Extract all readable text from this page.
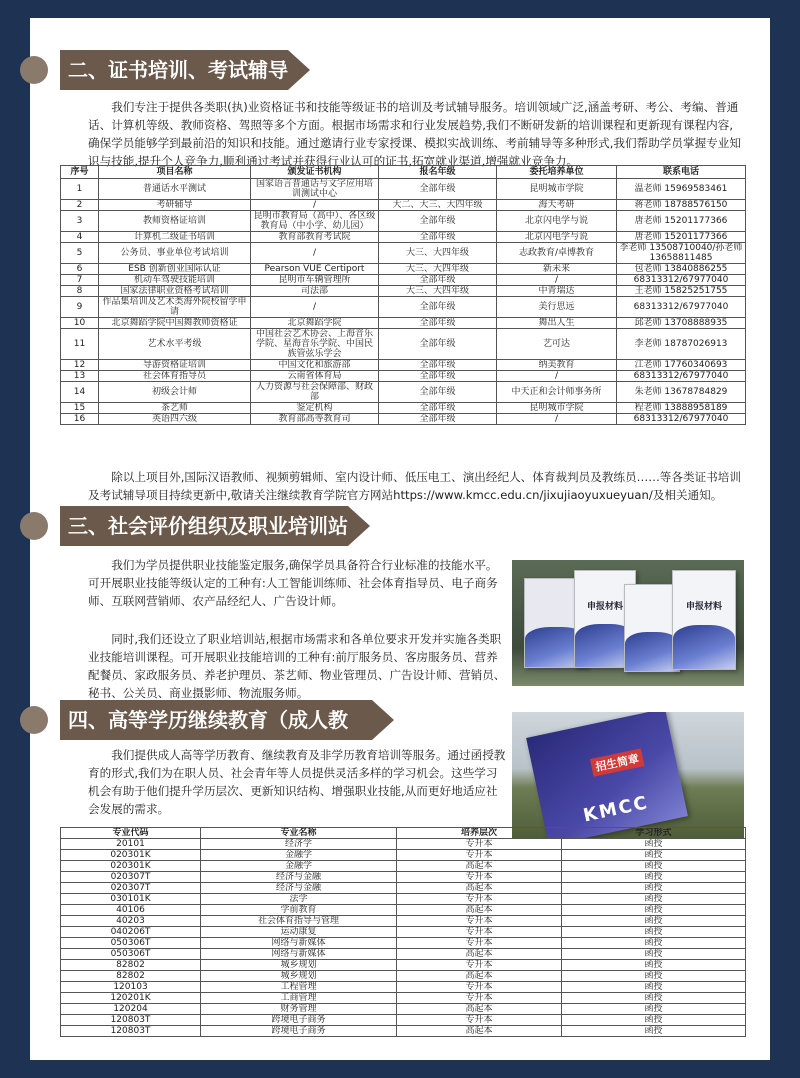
二、证书培训、考试辅导
我们专注于提供各类职(执)业资格证书和技能等级证书的培训及考试辅导服务。培训领域广泛,涵盖考研、考公、考编、普通话、计算机等级、教师资格、驾照等多个方面。根据市场需求和行业发展趋势,我们不断研发新的培训课程和更新现有课程内容,确保学员能够学到最前沿的知识和技能。通过邀请行业专家授课、模拟实战训练、考前辅导等多种形式,我们帮助学员掌握专业知识与技能,提升个人竞争力,顺利通过考试并获得行业认可的证书,拓宽就业渠道,增强就业竞争力。
序号	项目名称	颁发证书机构	报名年级	委托培养单位	联系电话
1	普通话水平测试	国家语言普通话与文字应用培训测试中心	全部年级	昆明城市学院	温老师 15969583461
2	考研辅导	/	大二、大三、大四年级	海天考研	蒋老师 18788576150
3	教师资格证培训	昆明市教育局（高中）、各区级教育局（中小学、幼儿园）	全部年级	北京闪电学与说	唐老师 15201177366
4	计算机二级证书培训	教育部教育考试院	全部年级	北京闪电学与说	唐老师 15201177366
5	公务员、事业单位考试培训	/	大三、大四年级	志政教育/卓博教育	李老师 13508710040/孙老师 13658811485
6	ESB 创新创业国际认证	Pearson VUE Certiport	大三、大四年级	新未来	包老师 13840886255
7	机动车驾驶技能培训	昆明市车辆管理所	全部年级	/	68313312/67977040
8	国家法律职业资格考试培训	司法部	大三、大四年级	中青瑞达	王老师 15825251755
9	作品集培训及艺术类海外院校留学申请	/	全部年级	美行思远	68313312/67977040
10	北京舞蹈学院中国舞教师资格证	北京舞蹈学院	全部年级	舞出人生	邱老师 13708888935
11	艺术水平考级	中国社会艺术协会、上海音乐学院、星海音乐学院、中国民族管弦乐学会	全部年级	艺可达	李老师 18787026913
12	导游资格证培训	中国文化和旅游部	全部年级	纳美教育	江老师 17760340693
13	社会体育指导员	云南省体育局	全部年级	/	68313312/67977040
14	初级会计师	人力资源与社会保障部、财政部	全部年级	中天正和会计师事务所	朱老师 13678784829
15	茶艺师	鉴定机构	全部年级	昆明城市学院	程老师 13888958189
16	英语四六级	教育部高等教育司	全部年级	/	68313312/67977040
除以上项目外,国际汉语教师、视频剪辑师、室内设计师、低压电工、演出经纪人、体育裁判员及教练员……等各类证书培训及考试辅导项目持续更新中,敬请关注继续教育学院官方网站https://www.kmcc.edu.cn/jixujiaoyuxueyuan/及相关通知。
三、社会评价组织及职业培训站
我们为学员提供职业技能鉴定服务,确保学员具备符合行业标准的技能水平。可开展职业技能等级认定的工种有:人工智能训练师、社会体育指导员、电子商务师、互联网营销师、农产品经纪人、广告设计师。
同时,我们还设立了职业培训站,根据市场需求和各单位要求开发并实施各类职业技能培训课程。可开展职业技能培训的工种有:前厅服务员、客房服务员、营养配餐员、家政服务员、养老护理员、茶艺师、物业管理员、广告设计师、营销员、秘书、公关员、商业摄影师、物流服务师。
申报材料	申报材料
四、高等学历继续教育（成人教育） 我们提供成人高等学历教育、继续教育及非学历教育培训等服务。通过函授教育的形式,我们为在职人员、社会青年等人员提供灵活多样的学习机会。这些学习机会有助于他们提升学历层次、更新知识结构、增强职业技能,从而更好地适应社会发展的需求。
招生简章
KMCC
专业代码	专业名称	培养层次	学习形式
20101	经济学	专升本	函授
020301K	金融学	专升本	函授
020301K	金融学	高起本	函授
020307T	经济与金融	专升本	函授
020307T	经济与金融	高起本	函授
030101K	法学	专升本	函授
40106	学前教育	高起本	函授
40203	社会体育指导与管理	专升本	函授
040206T	运动康复	专升本	函授
050306T	网络与新媒体	专升本	函授
050306T	网络与新媒体	高起本	函授
82802	城乡规划	专升本	函授
82802	城乡规划	高起本	函授
120103	工程管理	专升本	函授
120201K	工商管理	专升本	函授
120204	财务管理	高起本	函授
120803T	跨境电子商务	专升本	函授
120803T	跨境电子商务	高起本	函授
